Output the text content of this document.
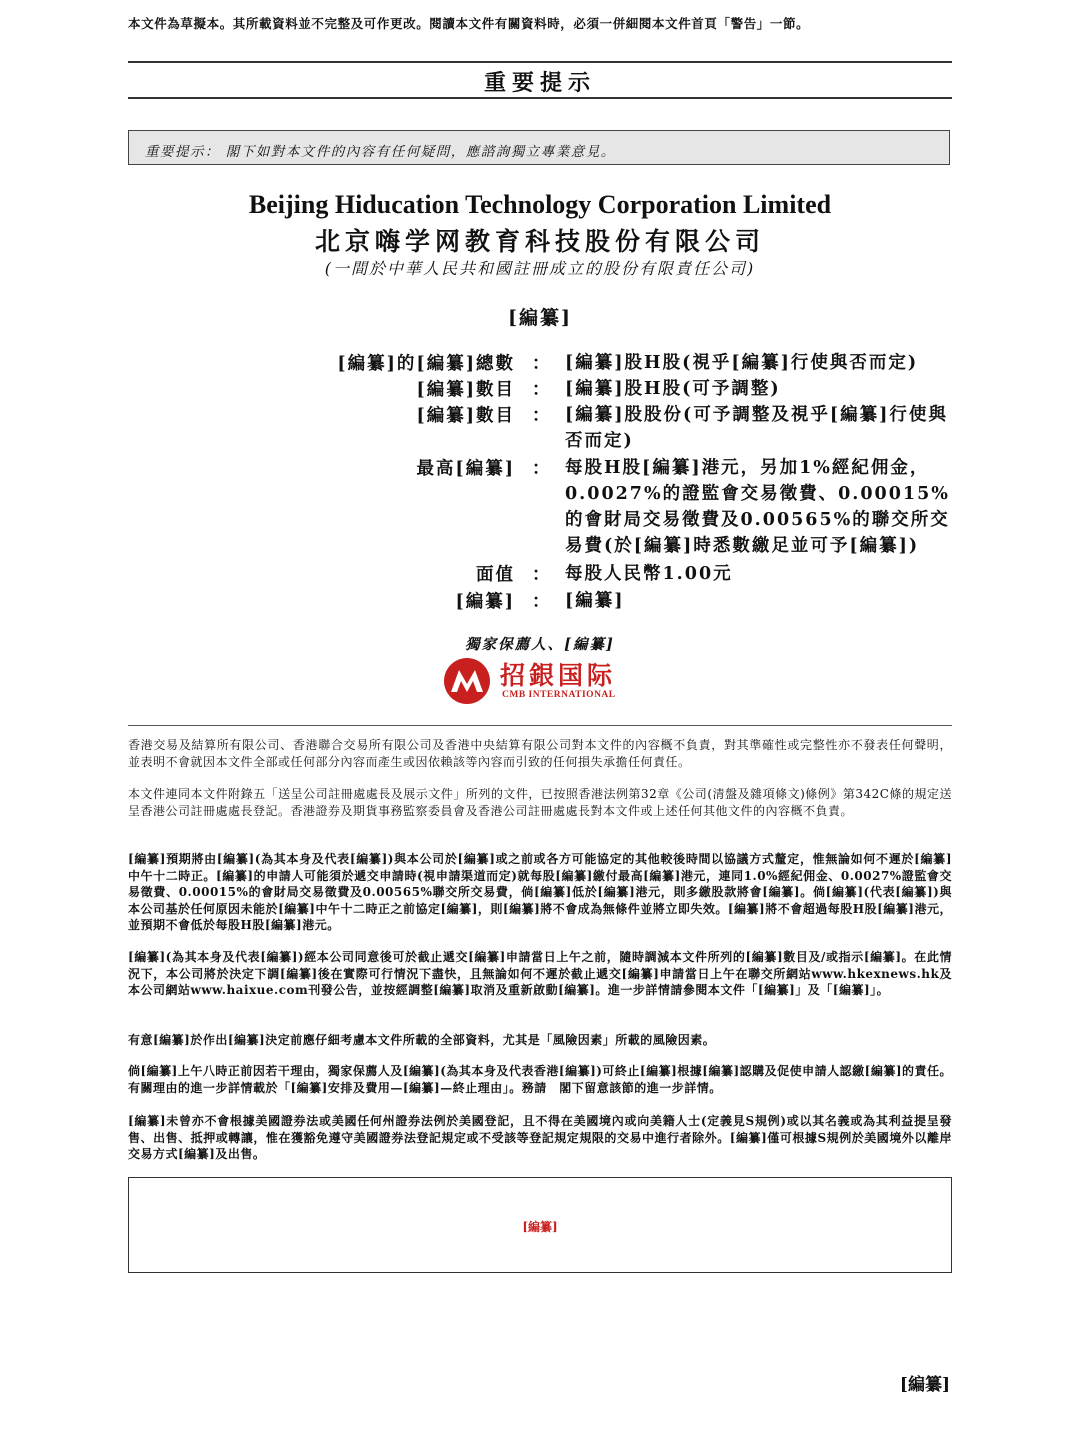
本文件為草擬本。其所載資料並不完整及可作更改。閱讀本文件有關資料時，必須一併細閱本文件首頁「警告」一節。
重要提示
重要提示： 閣下如對本文件的內容有任何疑問，應諮詢獨立專業意見。
Beijing Hiducation Technology Corporation Limited
北京嗨学网教育科技股份有限公司
(一間於中華人民共和國註冊成立的股份有限責任公司)
[編纂]
[編纂]的[編纂]總數 ： [編纂]股H股(視乎[編纂]行使與否而定)
[編纂]數目 ： [編纂]股H股(可予調整)
[編纂]數目 ： [編纂]股股份(可予調整及視乎[編纂]行使與否而定)
最高[編纂] ： 每股H股[編纂]港元，另加1%經紀佣金，0.0027%的證監會交易徵費、0.00015%的會財局交易徵費及0.00565%的聯交所交易費(於[編纂]時悉數繳足並可予[編纂])
面值 ： 每股人民幣1.00元
[編纂] ： [編纂]
獨家保薦人、[編纂]
招銀国际
CMB INTERNATIONAL
香港交易及結算所有限公司、香港聯合交易所有限公司及香港中央結算有限公司對本文件的內容概不負責，對其準確性或完整性亦不發表任何聲明，並表明不會就因本文件全部或任何部分內容而產生或因依賴該等內容而引致的任何損失承擔任何責任。
本文件連同本文件附錄五「送呈公司註冊處處長及展示文件」所列的文件，已按照香港法例第32章《公司(清盤及雜項條文)條例》第342C條的規定送呈香港公司註冊處處長登記。香港證券及期貨事務監察委員會及香港公司註冊處處長對本文件或上述任何其他文件的內容概不負責。
[編纂]預期將由[編纂](為其本身及代表[編纂])與本公司於[編纂]或之前或各方可能協定的其他較後時間以協議方式釐定，惟無論如何不遲於[編纂]中午十二時正。[編纂]的申請人可能須於遞交申請時(視申請渠道而定)就每股[編纂]繳付最高[編纂]港元，連同1.0%經紀佣金、0.0027%證監會交易徵費、0.00015%的會財局交易徵費及0.00565%聯交所交易費，倘[編纂]低於[編纂]港元，則多繳股款將會[編纂]。倘[編纂](代表[編纂])與本公司基於任何原因未能於[編纂]中午十二時正之前協定[編纂]，則[編纂]將不會成為無條件並將立即失效。[編纂]將不會超過每股H股[編纂]港元，並預期不會低於每股H股[編纂]港元。
[編纂](為其本身及代表[編纂])經本公司同意後可於截止遞交[編纂]申請當日上午之前，隨時調減本文件所列的[編纂]數目及/或指示[編纂]。在此情況下，本公司將於決定下調[編纂]後在實際可行情況下盡快，且無論如何不遲於截止遞交[編纂]申請當日上午在聯交所網站www.hkexnews.hk及本公司網站www.haixue.com刊發公告，並按經調整[編纂]取消及重新啟動[編纂]。進一步詳情請參閱本文件「[編纂]」及「[編纂]」。
有意[編纂]於作出[編纂]決定前應仔細考慮本文件所載的全部資料，尤其是「風險因素」所載的風險因素。
倘[編纂]上午八時正前因若干理由，獨家保薦人及[編纂](為其本身及代表香港[編纂])可終止[編纂]根據[編纂]認購及促使申請人認繳[編纂]的責任。有關理由的進一步詳情載於「[編纂]安排及費用—[編纂]—終止理由」。務請　閣下留意該節的進一步詳情。
[編纂]未曾亦不會根據美國證券法或美國任何州證券法例於美國登記，且不得在美國境內或向美籍人士(定義見S規例)或以其名義或為其利益提呈發售、出售、抵押或轉讓，惟在獲豁免遵守美國證券法登記規定或不受該等登記規定規限的交易中進行者除外。[編纂]僅可根據S規例於美國境外以離岸交易方式[編纂]及出售。
[編纂]
[編纂]
